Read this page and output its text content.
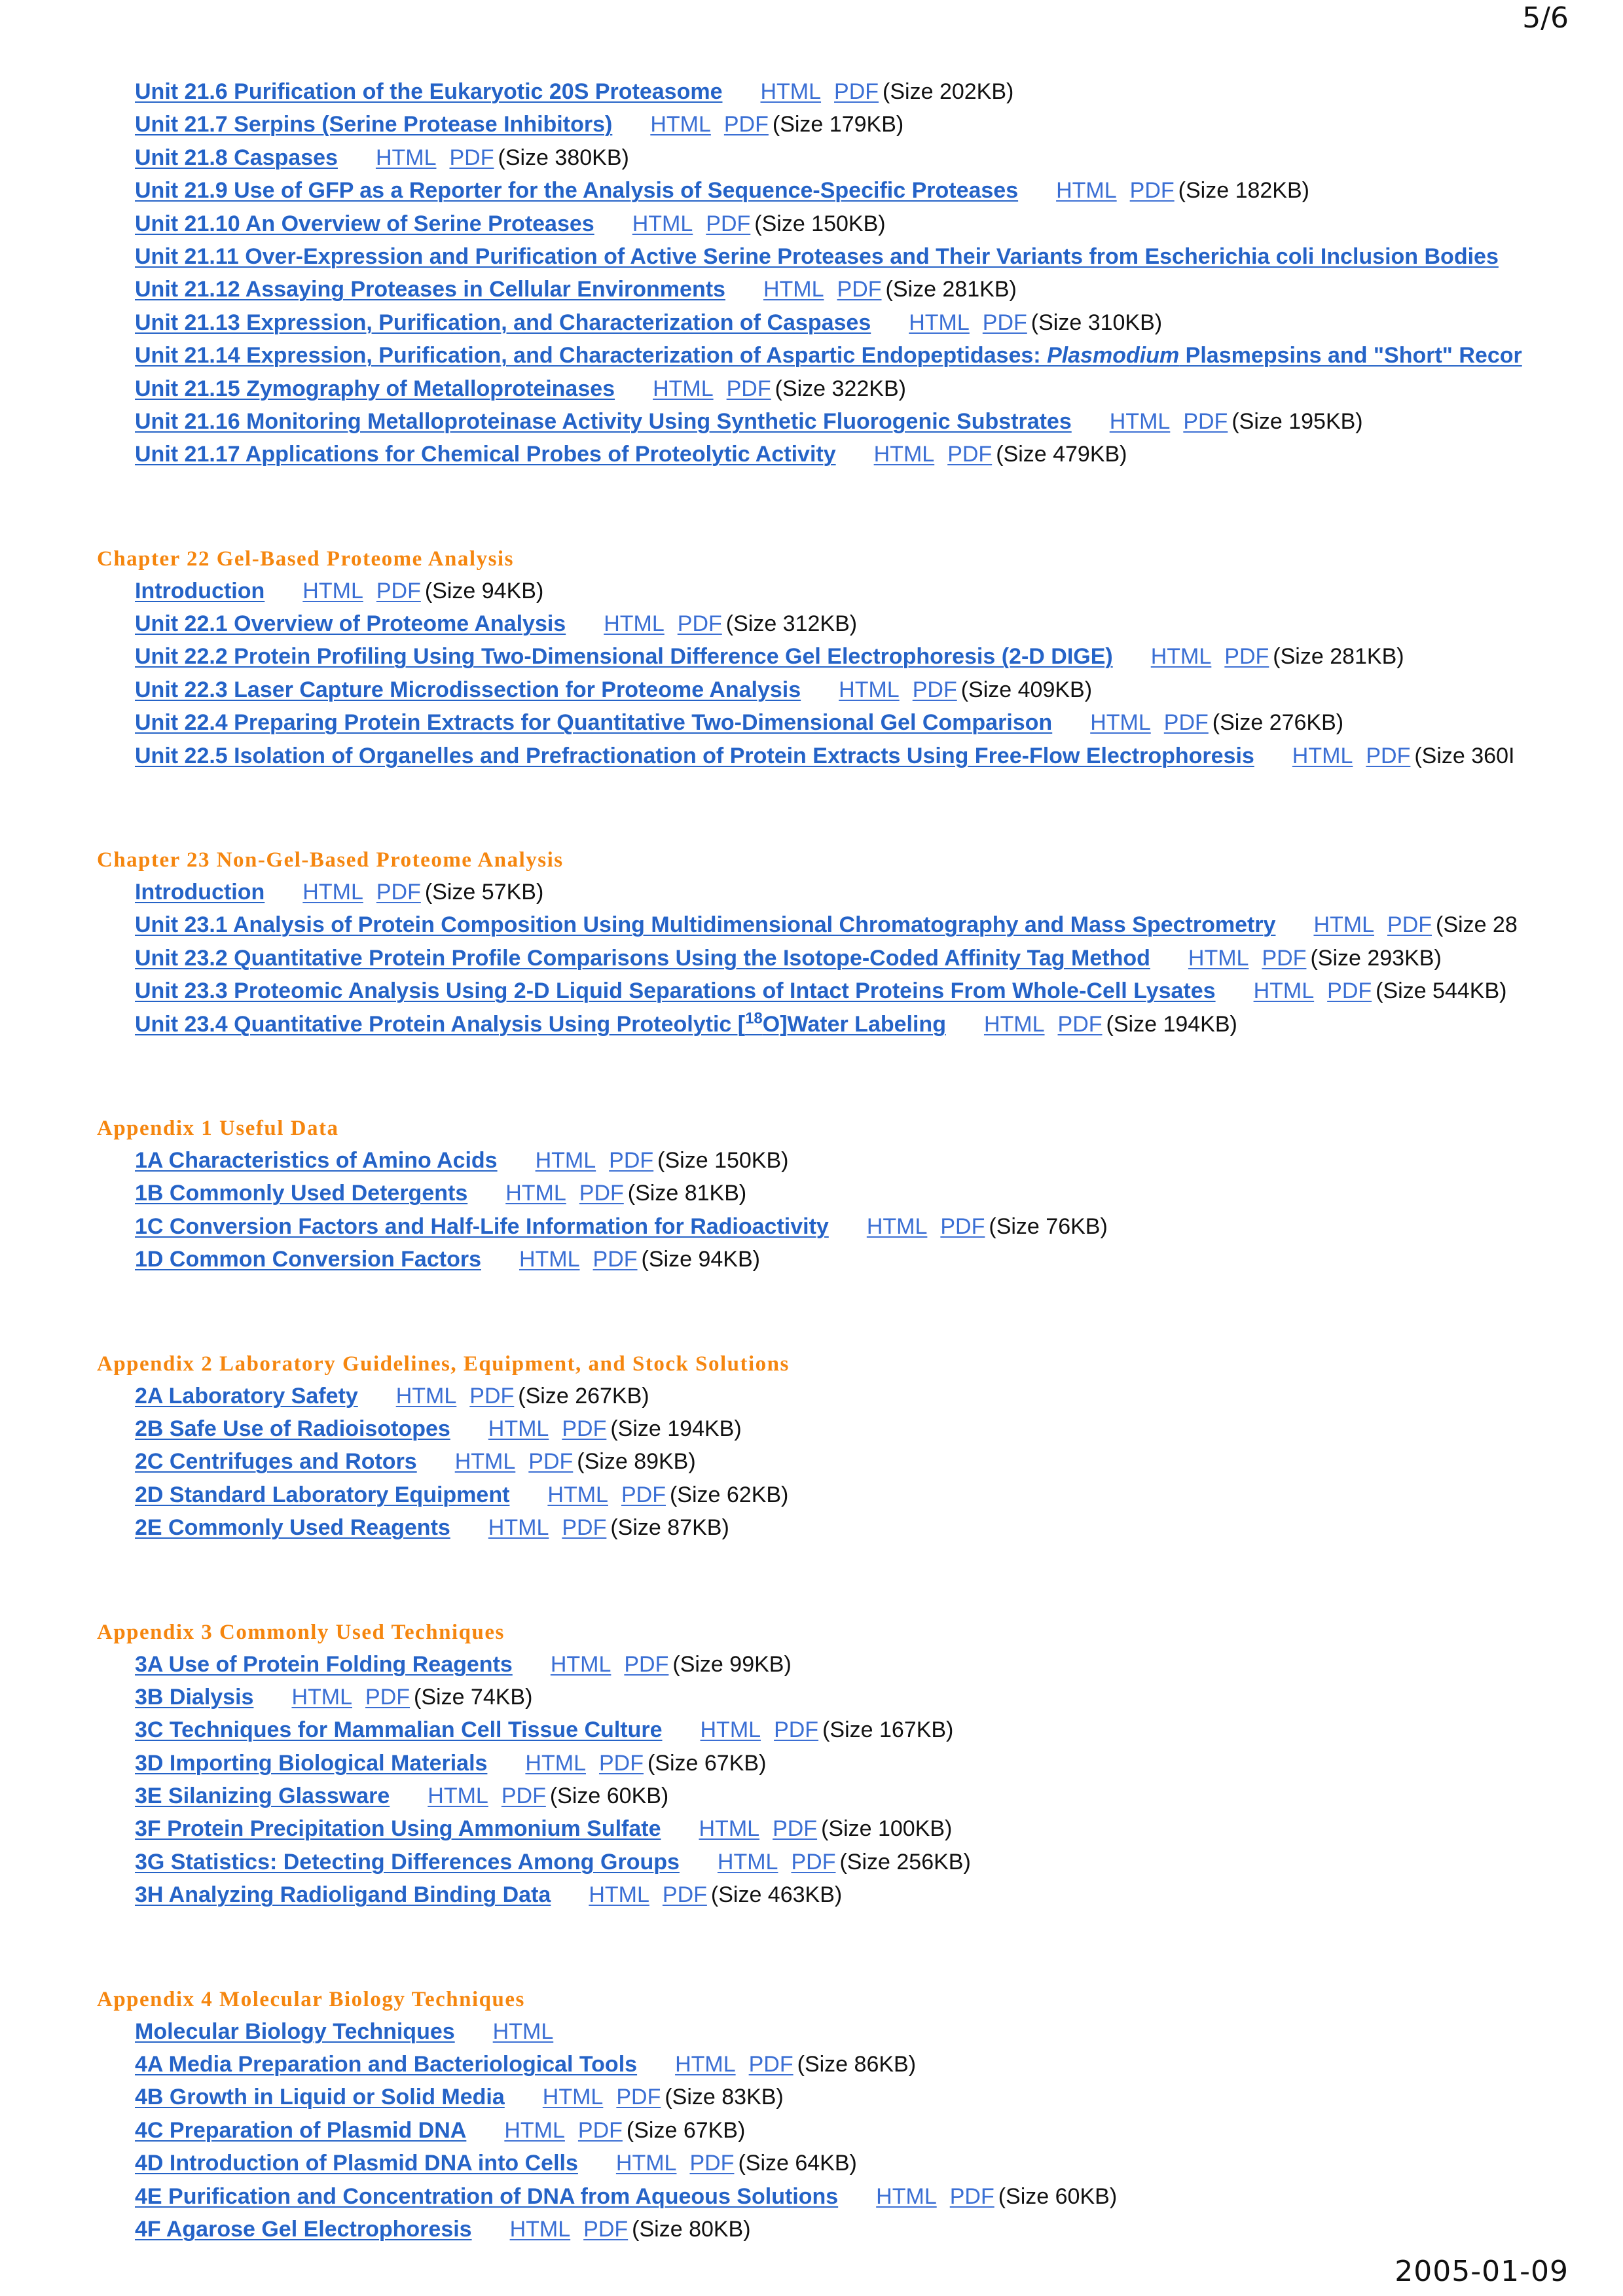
5/6
Unit 21.6 Purification of the Eukaryotic 20S Proteasome HTML PDF (Size 202KB)
Unit 21.7 Serpins (Serine Protease Inhibitors) HTML PDF (Size 179KB)
Unit 21.8 Caspases HTML PDF (Size 380KB)
Unit 21.9 Use of GFP as a Reporter for the Analysis of Sequence-Specific Proteases HTML PDF (Size 182KB)
Unit 21.10 An Overview of Serine Proteases HTML PDF (Size 150KB)
Unit 21.11 Over-Expression and Purification of Active Serine Proteases and Their Variants from Escherichia coli Inclusion Bodies
Unit 21.12 Assaying Proteases in Cellular Environments HTML PDF (Size 281KB)
Unit 21.13 Expression, Purification, and Characterization of Caspases HTML PDF (Size 310KB)
Unit 21.14 Expression, Purification, and Characterization of Aspartic Endopeptidases: Plasmodium Plasmepsins and "Short" Recor
Unit 21.15 Zymography of Metalloproteinases HTML PDF (Size 322KB)
Unit 21.16 Monitoring Metalloproteinase Activity Using Synthetic Fluorogenic Substrates HTML PDF (Size 195KB)
Unit 21.17 Applications for Chemical Probes of Proteolytic Activity HTML PDF (Size 479KB)
Chapter 22 Gel-Based Proteome Analysis
Introduction HTML PDF (Size 94KB)
Unit 22.1 Overview of Proteome Analysis HTML PDF (Size 312KB)
Unit 22.2 Protein Profiling Using Two-Dimensional Difference Gel Electrophoresis (2-D DIGE) HTML PDF (Size 281KB)
Unit 22.3 Laser Capture Microdissection for Proteome Analysis HTML PDF (Size 409KB)
Unit 22.4 Preparing Protein Extracts for Quantitative Two-Dimensional Gel Comparison HTML PDF (Size 276KB)
Unit 22.5 Isolation of Organelles and Prefractionation of Protein Extracts Using Free-Flow Electrophoresis HTML PDF (Size 360I
Chapter 23 Non-Gel-Based Proteome Analysis
Introduction HTML PDF (Size 57KB)
Unit 23.1 Analysis of Protein Composition Using Multidimensional Chromatography and Mass Spectrometry HTML PDF (Size 28
Unit 23.2 Quantitative Protein Profile Comparisons Using the Isotope-Coded Affinity Tag Method HTML PDF (Size 293KB)
Unit 23.3 Proteomic Analysis Using 2-D Liquid Separations of Intact Proteins From Whole-Cell Lysates HTML PDF (Size 544KB)
Unit 23.4 Quantitative Protein Analysis Using Proteolytic [$^{18}$O]Water Labeling HTML PDF (Size 194KB)
Appendix 1 Useful Data
1A Characteristics of Amino Acids HTML PDF (Size 150KB)
1B Commonly Used Detergents HTML PDF (Size 81KB)
1C Conversion Factors and Half-Life Information for Radioactivity HTML PDF (Size 76KB)
1D Common Conversion Factors HTML PDF (Size 94KB)
Appendix 2 Laboratory Guidelines, Equipment, and Stock Solutions
2A Laboratory Safety HTML PDF (Size 267KB)
2B Safe Use of Radioisotopes HTML PDF (Size 194KB)
2C Centrifuges and Rotors HTML PDF (Size 89KB)
2D Standard Laboratory Equipment HTML PDF (Size 62KB)
2E Commonly Used Reagents HTML PDF (Size 87KB)
Appendix 3 Commonly Used Techniques
3A Use of Protein Folding Reagents HTML PDF (Size 99KB)
3B Dialysis HTML PDF (Size 74KB)
3C Techniques for Mammalian Cell Tissue Culture HTML PDF (Size 167KB)
3D Importing Biological Materials HTML PDF (Size 67KB)
3E Silanizing Glassware HTML PDF (Size 60KB)
3F Protein Precipitation Using Ammonium Sulfate HTML PDF (Size 100KB)
3G Statistics: Detecting Differences Among Groups HTML PDF (Size 256KB)
3H Analyzing Radioligand Binding Data HTML PDF (Size 463KB)
Appendix 4 Molecular Biology Techniques
Molecular Biology Techniques HTML
4A Media Preparation and Bacteriological Tools HTML PDF (Size 86KB)
4B Growth in Liquid or Solid Media HTML PDF (Size 83KB)
4C Preparation of Plasmid DNA HTML PDF (Size 67KB)
4D Introduction of Plasmid DNA into Cells HTML PDF (Size 64KB)
4E Purification and Concentration of DNA from Aqueous Solutions HTML PDF (Size 60KB)
4F Agarose Gel Electrophoresis HTML PDF (Size 80KB)
2005-01-09
